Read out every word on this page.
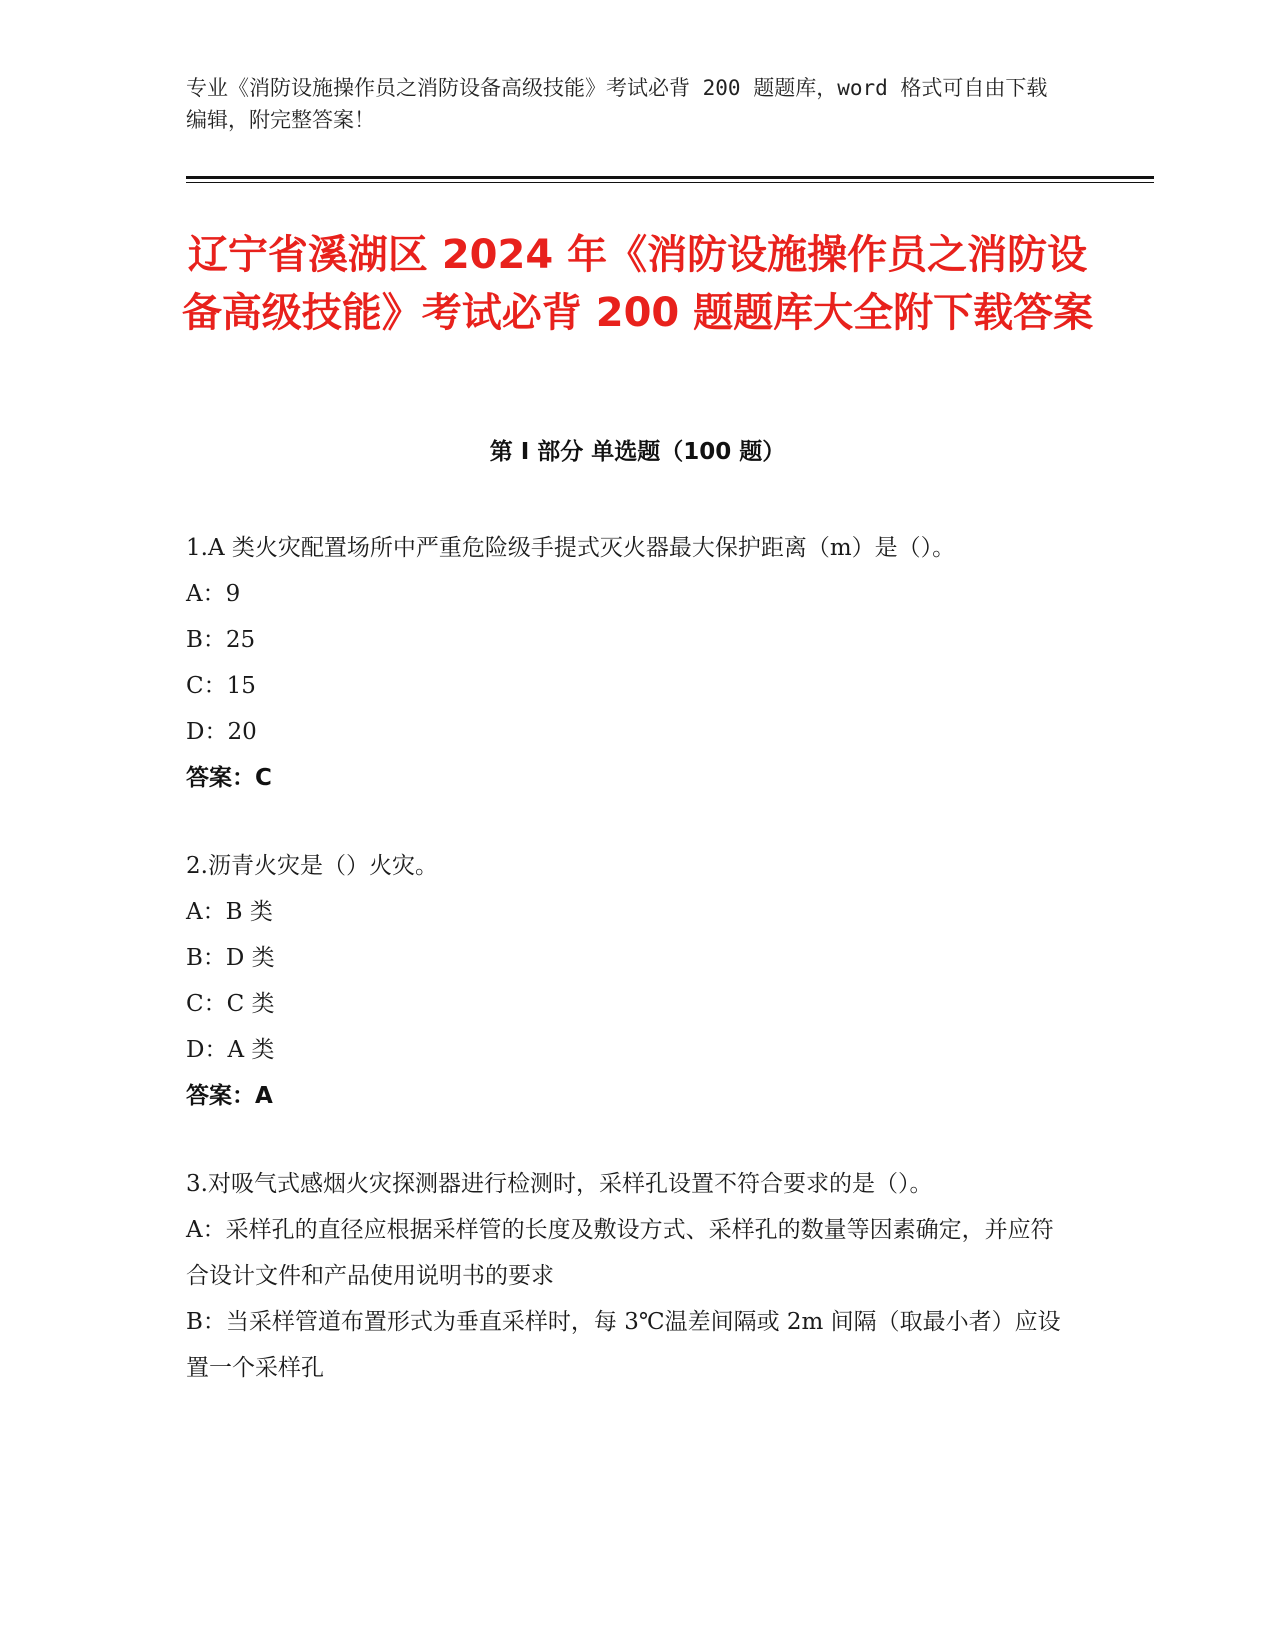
专业《消防设施操作员之消防设备高级技能》考试必背 200 题题库，word 格式可自由下载编辑，附完整答案！

辽宁省溪湖区 2024 年《消防设施操作员之消防设备高级技能》考试必背 200 题题库大全附下载答案
第 I 部分 单选题（100 题）

1.A 类火灾配置场所中严重危险级手提式灭火器最大保护距离（m）是（）。

A：9

B：25

C：15

D：20

答案：C

2.沥青火灾是（）火灾。

A：B 类

B：D 类

C：C 类

D：A 类

答案：A

3.对吸气式感烟火灾探测器进行检测时，采样孔设置不符合要求的是（）。

A：采样孔的直径应根据采样管的长度及敷设方式、采样孔的数量等因素确定，并应符合设计文件和产品使用说明书的要求

B：当采样管道布置形式为垂直采样时，每 3℃温差间隔或 2m 间隔（取最小者）应设置一个采样孔
